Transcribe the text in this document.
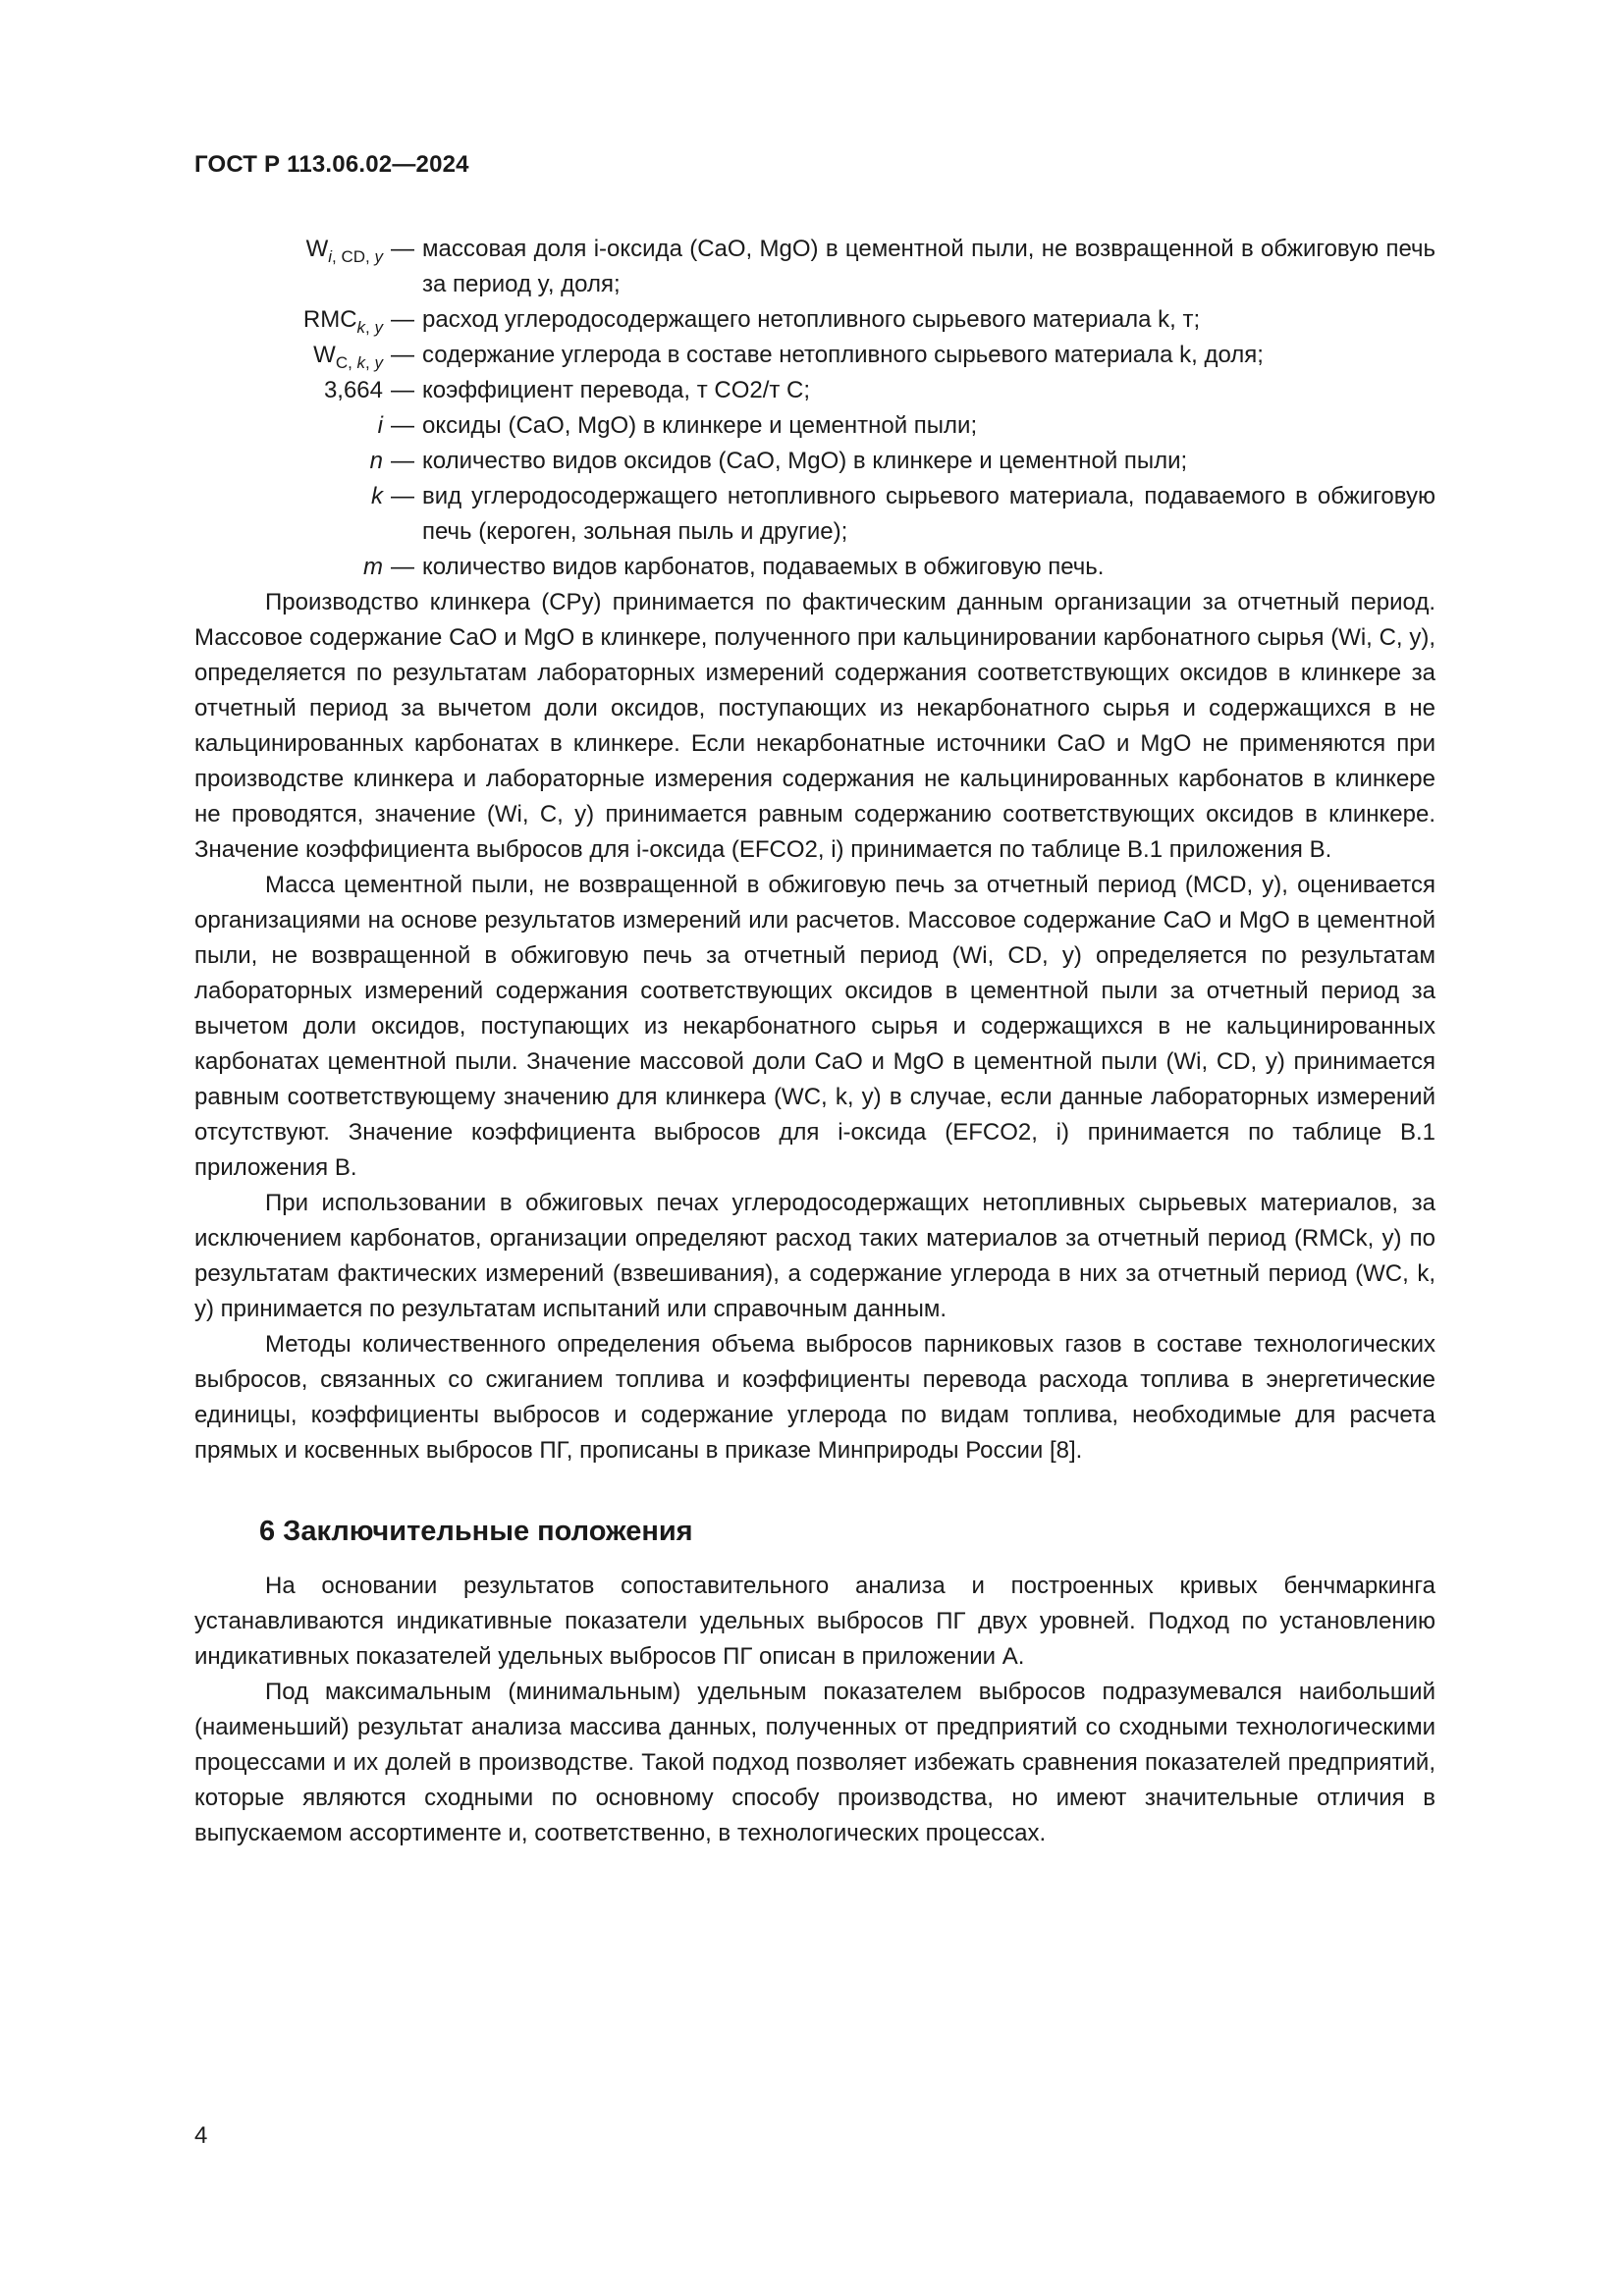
ГОСТ Р 113.06.02—2024
$W_{i, CD, y}$ — массовая доля i-оксида (CaO, MgO) в цементной пыли, не возвращенной в обжиговую печь за период y, доля;
$RMC_{k, y}$ — расход углеродосодержащего нетопливного сырьевого материала k, т;
$W_{C, k, y}$ — содержание углерода в составе нетопливного сырьевого материала k, доля;
3,664 — коэффициент перевода, т CO2/т C;
i — оксиды (CaO, MgO) в клинкере и цементной пыли;
n — количество видов оксидов (CaO, MgO) в клинкере и цементной пыли;
k — вид углеродосодержащего нетопливного сырьевого материала, подаваемого в обжиговую печь (кероген, зольная пыль и другие);
m — количество видов карбонатов, подаваемых в обжиговую печь.

Производство клинкера (CPy) принимается по фактическим данным организации за отчетный период. Массовое содержание CaO и MgO в клинкере, полученного при кальцинировании карбонатного сырья (Wi, C, y), определяется по результатам лабораторных измерений содержания соответствующих оксидов в клинкере за отчетный период за вычетом доли оксидов, поступающих из некарбонатного сырья и содержащихся в не кальцинированных карбонатах в клинкере. Если некарбонатные источники CaO и MgO не применяются при производстве клинкера и лабораторные измерения содержания не кальцинированных карбонатов в клинкере не проводятся, значение (Wi, C, y) принимается равным содержанию соответствующих оксидов в клинкере. Значение коэффициента выбросов для i-оксида (EFCO2, i) принимается по таблице В.1 приложения В.

Масса цементной пыли, не возвращенной в обжиговую печь за отчетный период (MCD, y), оценивается организациями на основе результатов измерений или расчетов. Массовое содержание CaO и MgO в цементной пыли, не возвращенной в обжиговую печь за отчетный период (Wi, CD, y) определяется по результатам лабораторных измерений содержания соответствующих оксидов в цементной пыли за отчетный период за вычетом доли оксидов, поступающих из некарбонатного сырья и содержащихся в не кальцинированных карбонатах цементной пыли. Значение массовой доли CaO и MgO в цементной пыли (Wi, CD, y) принимается равным соответствующему значению для клинкера (WC, k, y) в случае, если данные лабораторных измерений отсутствуют. Значение коэффициента выбросов для i-оксида (EFCO2, i) принимается по таблице В.1 приложения В.

При использовании в обжиговых печах углеродосодержащих нетопливных сырьевых материалов, за исключением карбонатов, организации определяют расход таких материалов за отчетный период (RMCk, y) по результатам фактических измерений (взвешивания), а содержание углерода в них за отчетный период (WC, k, y) принимается по результатам испытаний или справочным данным.

Методы количественного определения объема выбросов парниковых газов в составе технологических выбросов, связанных со сжиганием топлива и коэффициенты перевода расхода топлива в энергетические единицы, коэффициенты выбросов и содержание углерода по видам топлива, необходимые для расчета прямых и косвенных выбросов ПГ, прописаны в приказе Минприроды России [8].

6 Заключительные положения

На основании результатов сопоставительного анализа и построенных кривых бенчмаркинга устанавливаются индикативные показатели удельных выбросов ПГ двух уровней. Подход по установлению индикативных показателей удельных выбросов ПГ описан в приложении А.

Под максимальным (минимальным) удельным показателем выбросов подразумевался наибольший (наименьший) результат анализа массива данных, полученных от предприятий со сходными технологическими процессами и их долей в производстве. Такой подход позволяет избежать сравнения показателей предприятий, которые являются сходными по основному способу производства, но имеют значительные отличия в выпускаемом ассортименте и, соответственно, в технологических процессах.

4
